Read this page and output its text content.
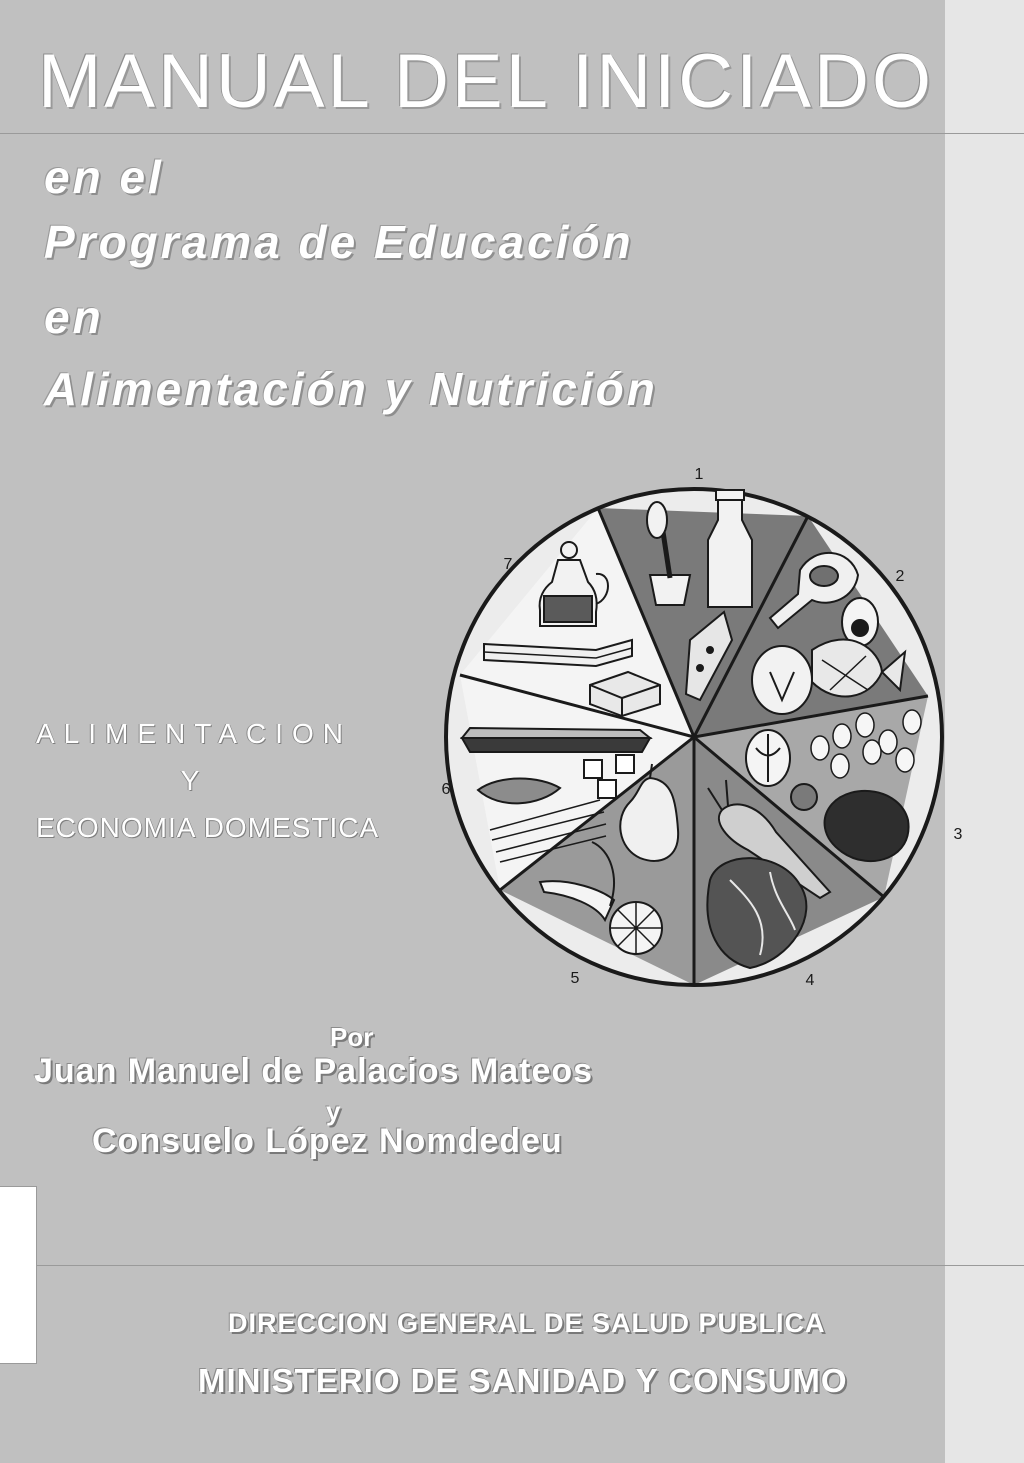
MANUAL DEL INICIADO

en el

Programa de Educación

en

Alimentación y Nutrición

ALIMENTACION

Y

ECONOMIA DOMESTICA

1
2
3
4
5
6
7

Por

Juan Manuel de Palacios Mateos

y

Consuelo López Nomdedeu

DIRECCION GENERAL DE SALUD PUBLICA

MINISTERIO DE SANIDAD Y CONSUMO
